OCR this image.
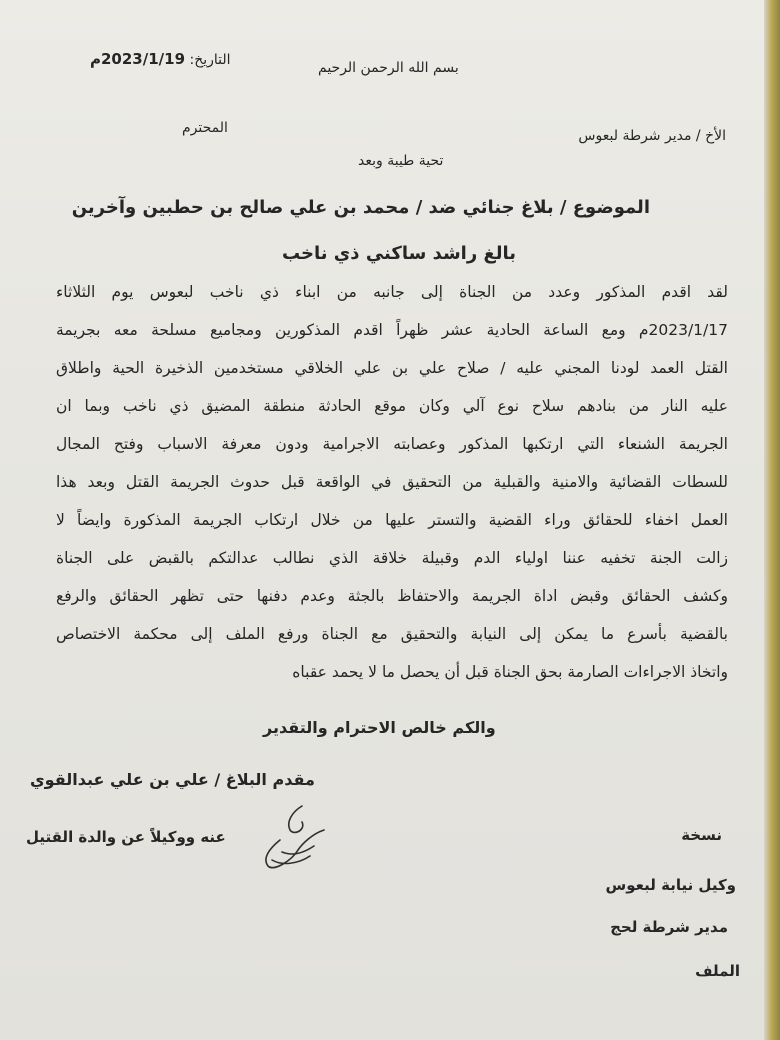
التاريخ: 2023/1/19م	بسم الله الرحمن الرحيم
الأخ / مدير شرطة لبعوس
المحترم
تحية طيبة وبعد
الموضوع / بلاغ جنائي ضد / محمد بن علي صالح بن حطبين وآخرين
بالغ راشد ساكني ذي ناخب
لقد اقدم المذكور وعدد من الجناة إلى جانبه من ابناء ذي ناخب لبعوس يوم الثلاثاء
2023/1/17م ومع الساعة الحادية عشر ظهراً اقدم المذكورين ومجاميع مسلحة معه بجريمة
القتل العمد لودنا المجني عليه / صلاح علي بن علي الخلاقي مستخدمين الذخيرة الحية واطلاق
عليه النار من بنادهم سلاح نوع آلي وكان موقع الحادثة منطقة المضيق ذي ناخب وبما ان
الجريمة الشنعاء التي ارتكبها المذكور وعصابته الاجرامية ودون معرفة الاسباب وفتح المجال
للسطات القضائية والامنية والقبلية من التحقيق في الواقعة قبل حدوث الجريمة القتل وبعد هذا
العمل اخفاء للحقائق وراء القضية والتستر عليها من خلال ارتكاب الجريمة المذكورة وايضاً لا
زالت الجنة تخفيه عننا اولياء الدم وقبيلة خلاقة الذي نطالب عدالتكم بالقبض على الجناة
وكشف الحقائق وقبض اداة الجريمة والاحتفاظ بالجثة وعدم دفنها حتى تظهر الحقائق والرفع
بالقضية بأسرع ما يمكن إلى النيابة والتحقيق مع الجناة ورفع الملف إلى محكمة الاختصاص
واتخاذ الاجراءات الصارمة بحق الجناة قبل أن يحصل ما لا يحمد عقباه
والكم خالص الاحترام والتقدير
مقدم البلاغ / علي بن علي عبدالقوي
عنه ووكيلاً عن والدة القتيل	نسخة
وكيل نيابة لبعوس
مدير شرطة لحج
الملف
